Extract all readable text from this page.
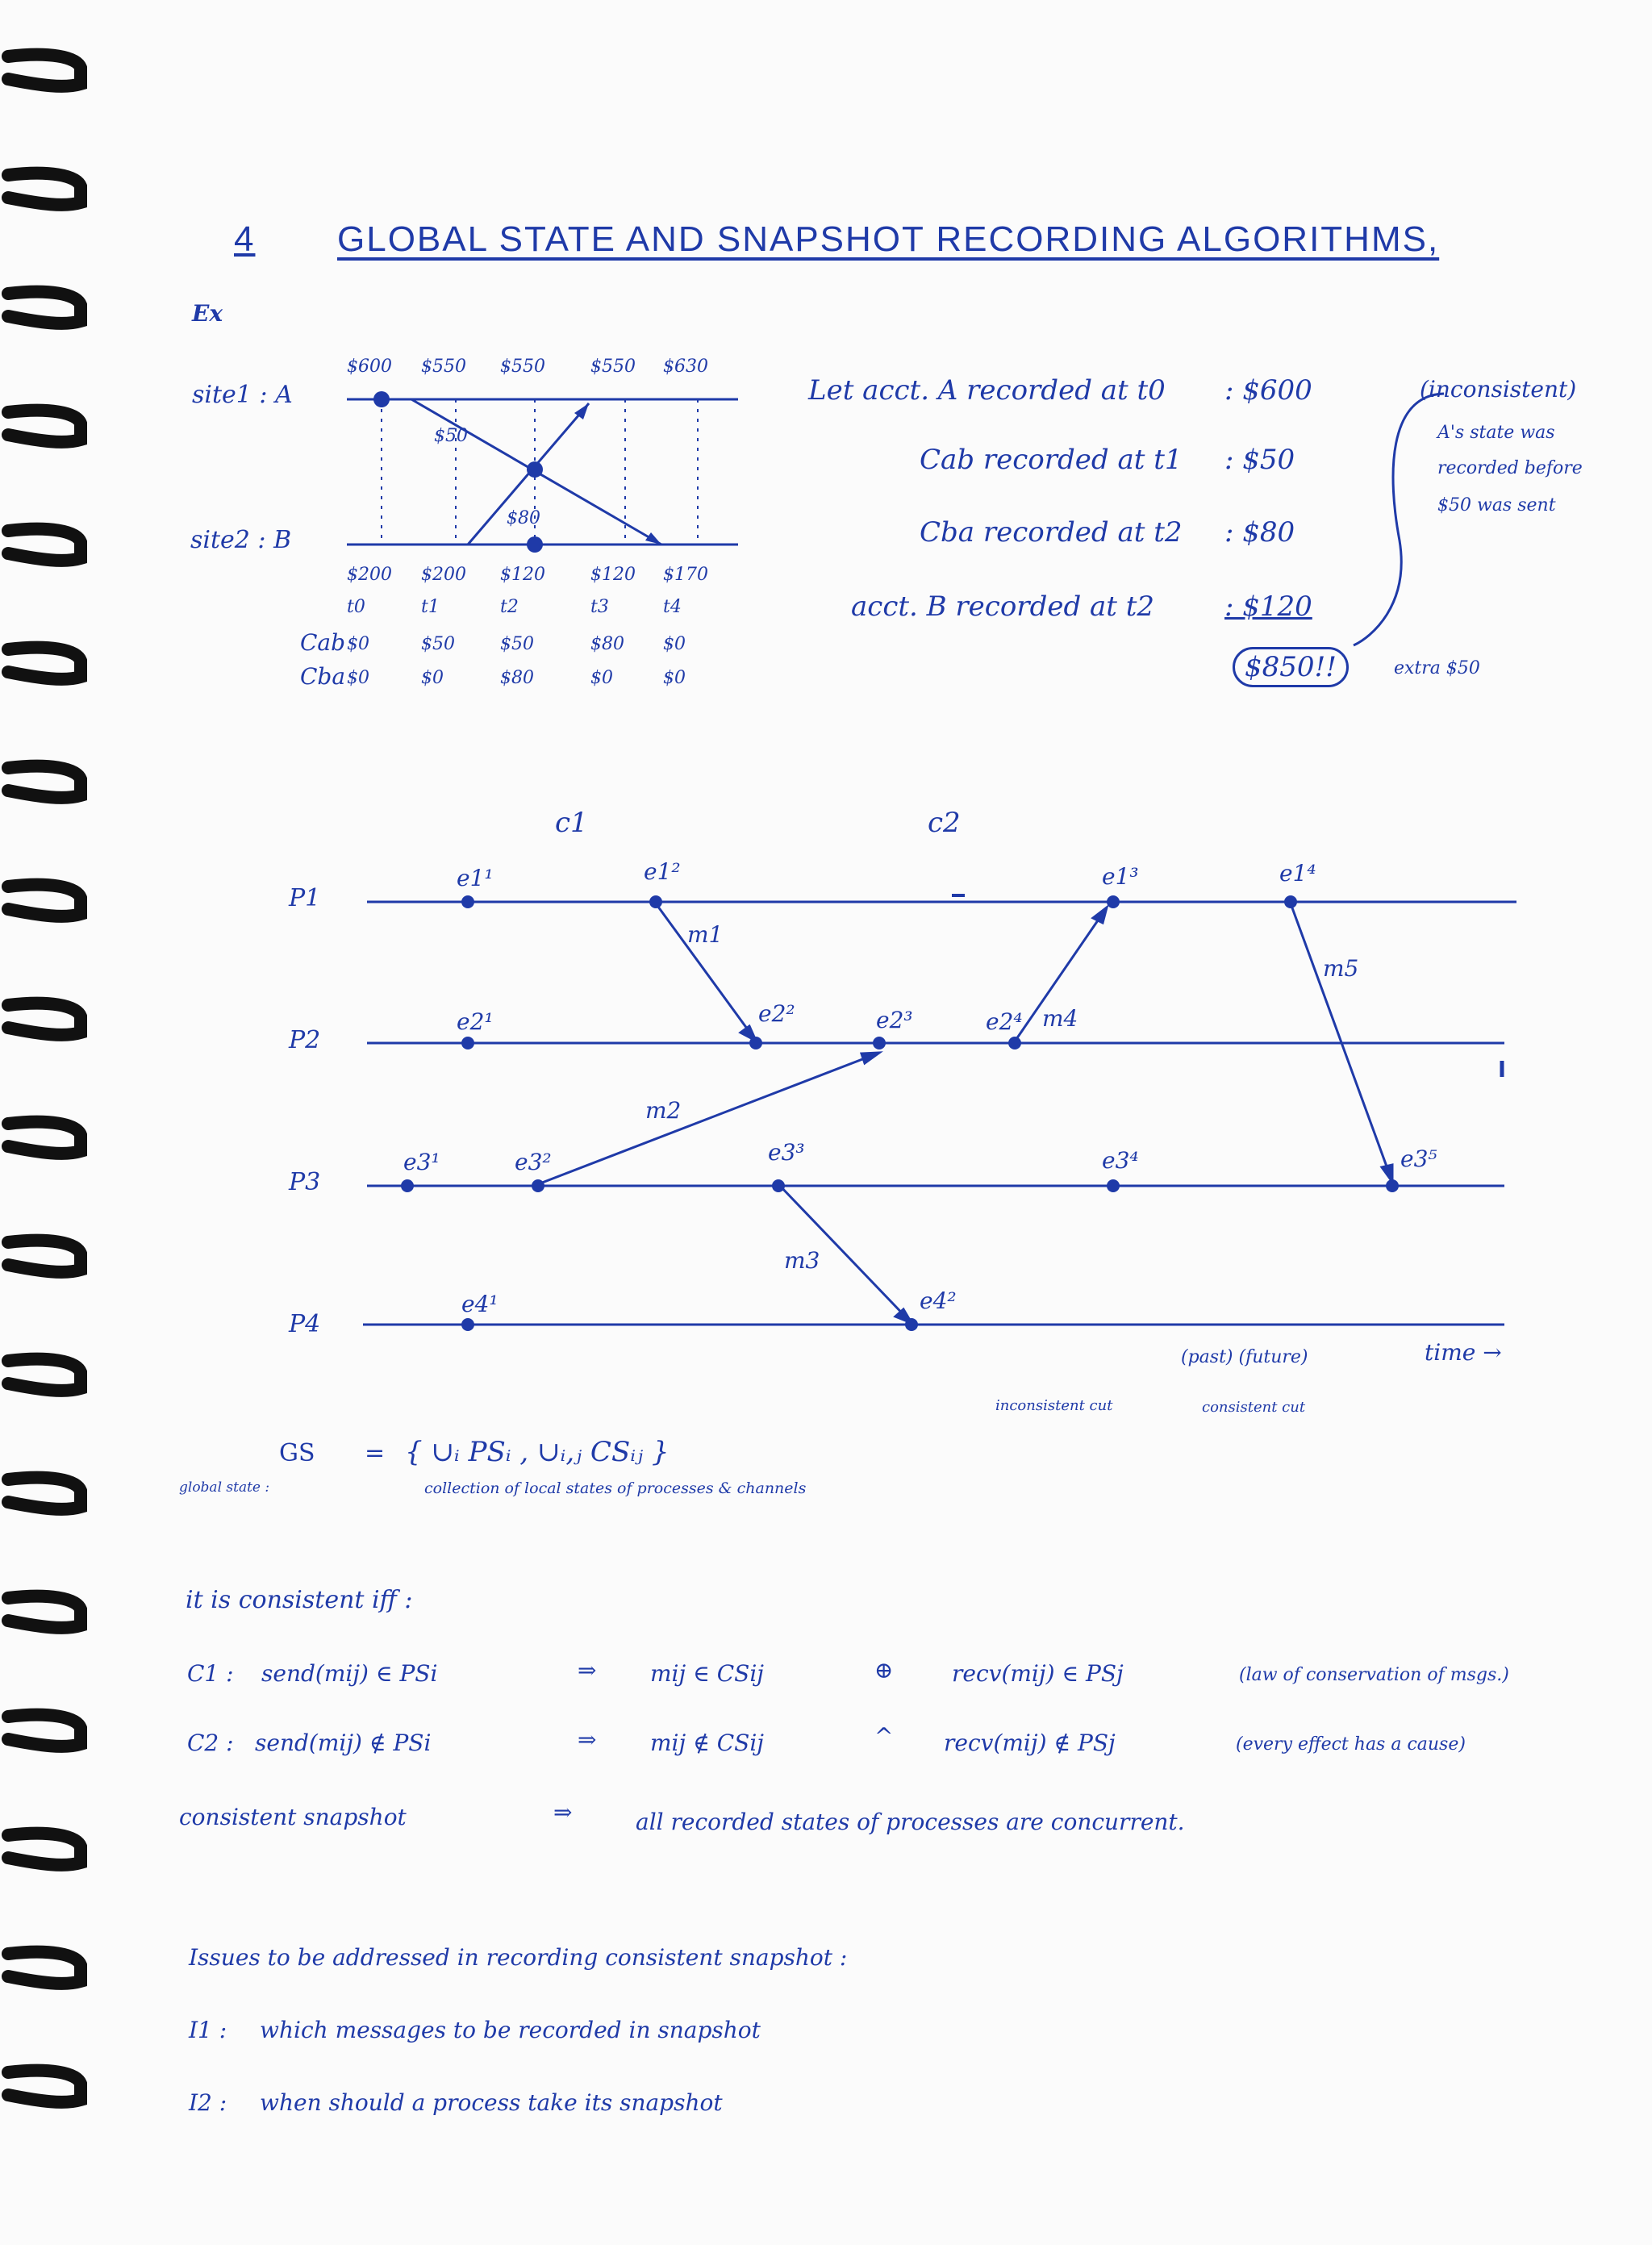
4 GLOBAL STATE AND SNAPSHOT RECORDING ALGORITHMS,
Ex
site1 : A
site2 : B
$50
$80
$600 $550 $550	$550 $630
$200 $200 $120	$120 $170
t0	t1	t2	t3	t4
$0	$50	$50	$80 $0
$0	$0	$80	$0	$0
Cab
Cba
Let acct. A recorded at t0 : $600
Cab recorded at t1 : $50
Cba recorded at t2 : $80
acct. B recorded at t2	: $120
$850!!	extra $50
(inconsistent)
A's state was
recorded before
$50 was sent
c1	c2
P1
P2
P3
P4
e1¹	e1²	e1³	e1⁴
e2¹	e2²	e2³	e2⁴
e3¹	e3²	e3³	e3⁴	e3⁵
e4¹	e4²
m1
m2
m3
m4
m5
(past) (future)	time →
inconsistent cut	consistent cut
GS
global state :
= { ∪ᵢ PSᵢ , ∪ᵢ,ⱼ CSᵢⱼ }
collection of local states of processes & channels
it is consistent iff :
C1 : send(mij) ∈ PSi	⇒ mij ∈ CSij	⊕	recv(mij) ∈ PSj	(law of conservation of msgs.)
C2 : send(mij) ∉ PSi	⇒ mij ∉ CSij	^ recv(mij) ∉ PSj	(every effect has a cause)
consistent snapshot	⇒	all recorded states of processes are concurrent.
Issues to be addressed in recording consistent snapshot :
I1 : which messages to be recorded in snapshot
I2 : when should a process take its snapshot
